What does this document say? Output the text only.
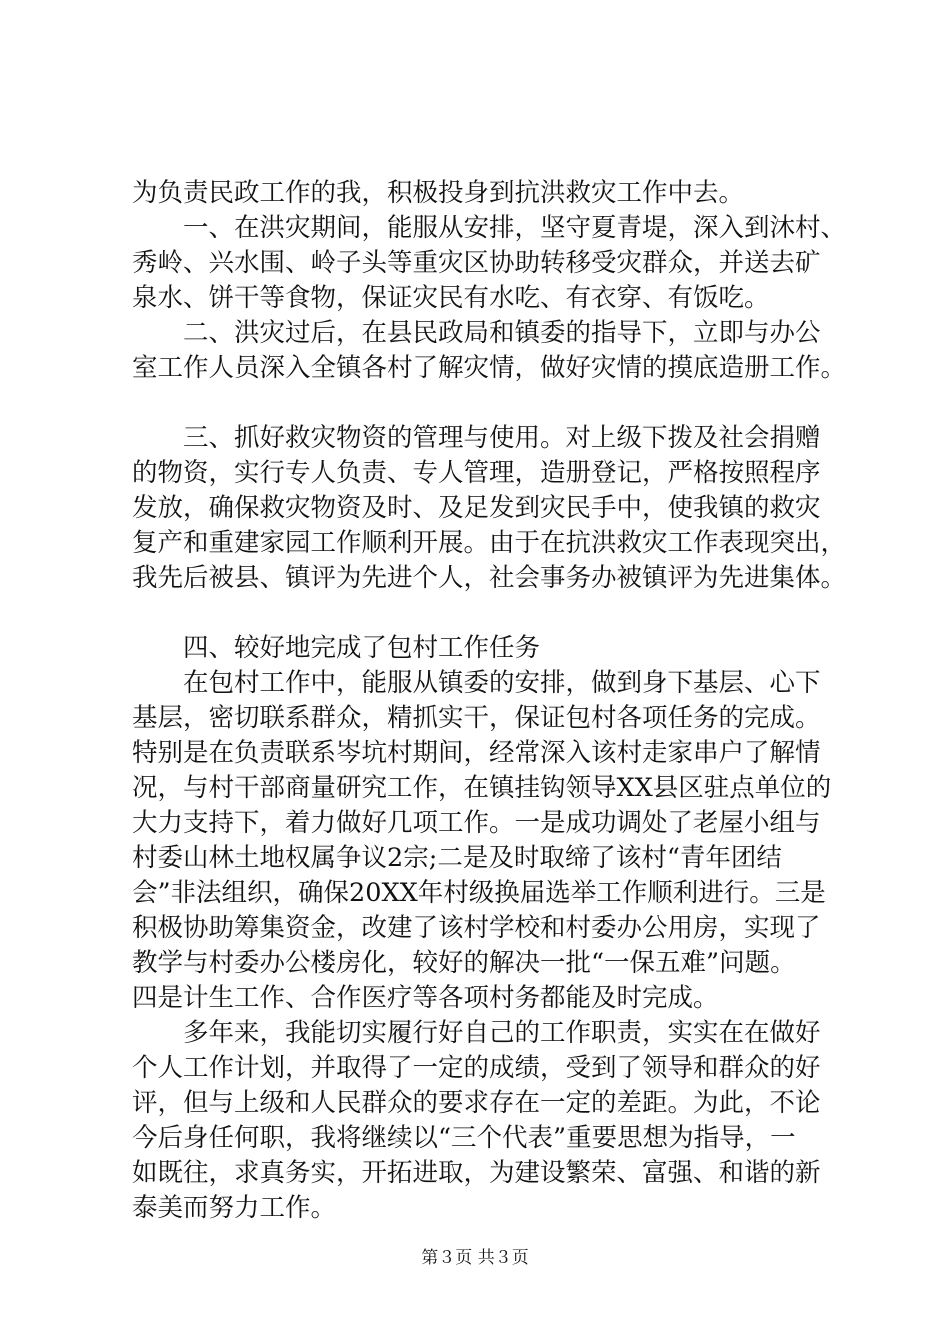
为负责民政工作的我，积极投身到抗洪救灾工作中去。
　　一、在洪灾期间，能服从安排，坚守夏青堤，深入到沐村、
秀岭、兴水围、岭子头等重灾区协助转移受灾群众，并送去矿
泉水、饼干等食物，保证灾民有水吃、有衣穿、有饭吃。
　　二、洪灾过后，在县民政局和镇委的指导下，立即与办公
室工作人员深入全镇各村了解灾情，做好灾情的摸底造册工作。
　　三、抓好救灾物资的管理与使用。对上级下拨及社会捐赠
的物资，实行专人负责、专人管理，造册登记，严格按照程序
发放，确保救灾物资及时、及足发到灾民手中，使我镇的救灾
复产和重建家园工作顺利开展。由于在抗洪救灾工作表现突出，
我先后被县、镇评为先进个人，社会事务办被镇评为先进集体。
　　四、较好地完成了包村工作任务
　　在包村工作中，能服从镇委的安排，做到身下基层、心下
基层，密切联系群众，精抓实干，保证包村各项任务的完成。
特别是在负责联系岑坑村期间，经常深入该村走家串户了解情
况，与村干部商量研究工作，在镇挂钩领导XX县区驻点单位的
大力支持下，着力做好几项工作。一是成功调处了老屋小组与
村委山林土地权属争议2宗;二是及时取缔了该村“青年团结
会”非法组织，确保20XX年村级换届选举工作顺利进行。三是
积极协助筹集资金，改建了该村学校和村委办公用房，实现了
教学与村委办公楼房化，较好的解决一批“一保五难”问题。
四是计生工作、合作医疗等各项村务都能及时完成。
　　多年来，我能切实履行好自己的工作职责，实实在在做好
个人工作计划，并取得了一定的成绩，受到了领导和群众的好
评，但与上级和人民群众的要求存在一定的差距。为此，不论
今后身任何职，我将继续以“三个代表”重要思想为指导，一
如既往，求真务实，开拓进取，为建设繁荣、富强、和谐的新
泰美而努力工作。
第３页 共３页
